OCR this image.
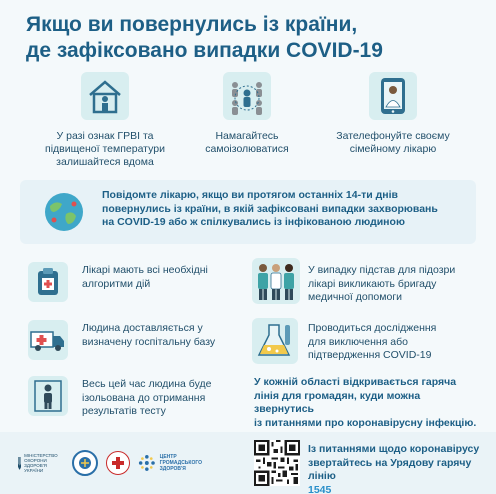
Якщо ви повернулись із країни,
де зафіксовано випадки COVID-19
У разі ознак ГРВІ та
підвищеної температури
залишайтеся вдома
Намагайтесь
самоізолюватися
Зателефонуйте своєму
сімейному лікарю
Повідомте лікарю, якщо ви протягом останніх 14-ти днів
повернулись із країни, в якій зафіксовані випадки захворювань
на COVID-19 або ж спілкувались із інфікованою людиною
Лікарі мають всі необхідні
алгоритми дій
Людина доставляється у
визначену госпітальну базу
Весь цей час людина буде
ізольована до отримання
результатів тесту
У випадку підстав для підозри
лікарі викликають бригаду
медичної допомоги
Проводиться дослідження
для виключення або
підтвердження COVID-19
У кожній області відкривається гаряча
лінія для громадян, куди можна звернутись
із питаннями про коронавірусну інфекцію.
МІНІСТЕРСТВО ОХОРОНИ ЗДОРОВ'Я УКРАЇНИ
ЦЕНТР
ГРОМАДСЬКОГО
ЗДОРОВ'Я
Із питаннями щодо коронавірусу
звертайтесь на Урядову гарячу лінію
1545
